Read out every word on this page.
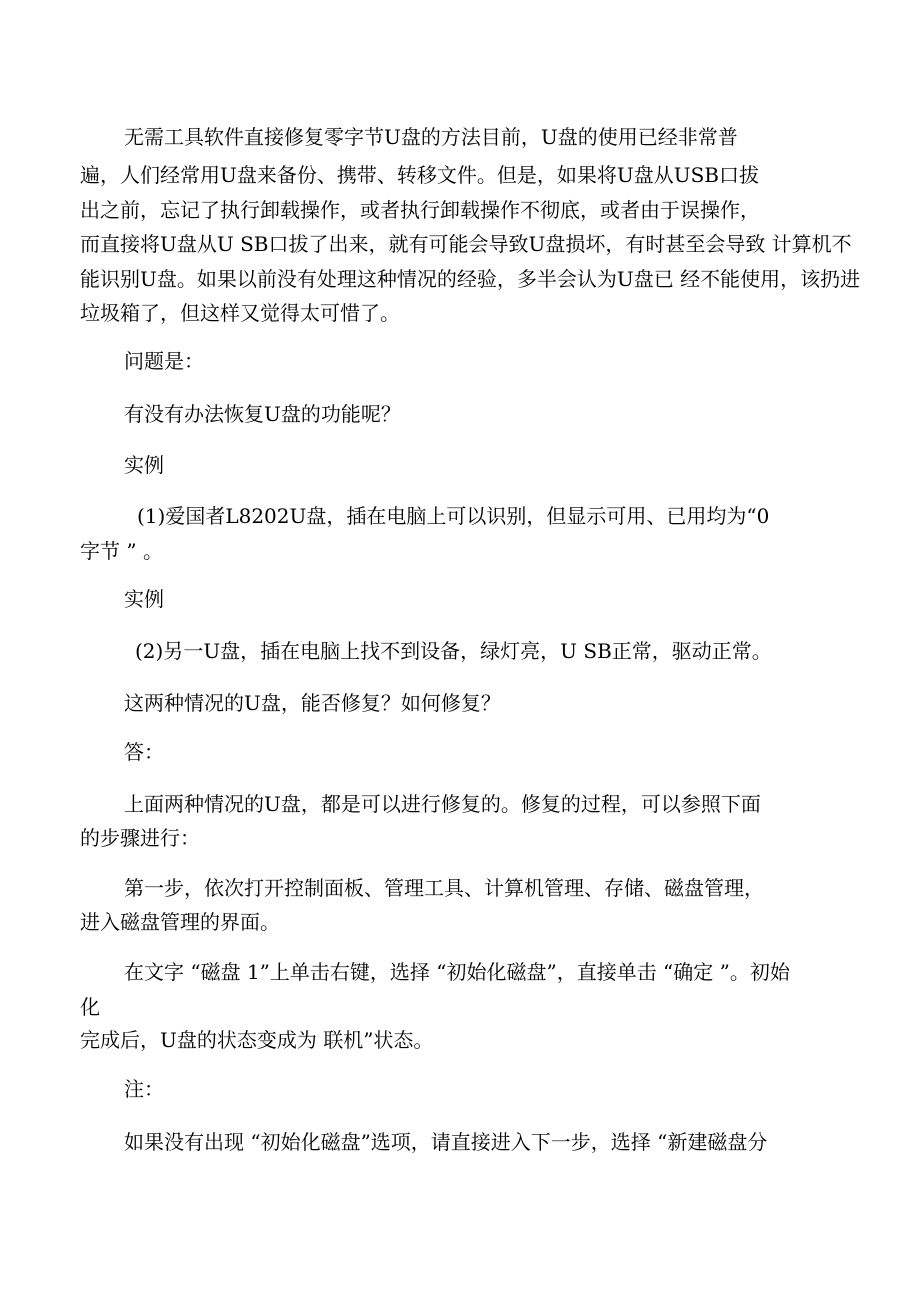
无需工具软件直接修复零字节U盘的方法目前，U盘的使用已经非常普
遍，人们经常用U盘来备份、携带、转移文件。但是，如果将U盘从USB口拔
出之前，忘记了执行卸载操作，或者执行卸载操作不彻底，或者由于误操作，
而直接将U盘从U SB口拔了出来，就有可能会导致U盘损坏，有时甚至会导致 计算机不
能识别U盘。如果以前没有处理这种情况的经验，多半会认为U盘已 经不能使用，该扔进
垃圾箱了，但这样又觉得太可惜了。
问题是：
有没有办法恢复U盘的功能呢？
实例
(1)爱国者L8202U盘，插在电脑上可以识别，但显示可用、已用均为“0
字节 ” 。
实例
(2)另一U盘，插在电脑上找不到设备，绿灯亮，U SB正常，驱动正常。
这两种情况的U盘，能否修复？如何修复？
答：
上面两种情况的U盘，都是可以进行修复的。修复的过程，可以参照下面
的步骤进行：
第一步，依次打开控制面板、管理工具、计算机管理、存储、磁盘管理，
进入磁盘管理的界面。
在文字 “磁盘 1”上单击右键，选择 “初始化磁盘”，直接单击 “确定 ”。初始
化
完成后，U盘的状态变成为 联机”状态。
注：
如果没有出现 “初始化磁盘”选项，请直接进入下一步，选择 “新建磁盘分
